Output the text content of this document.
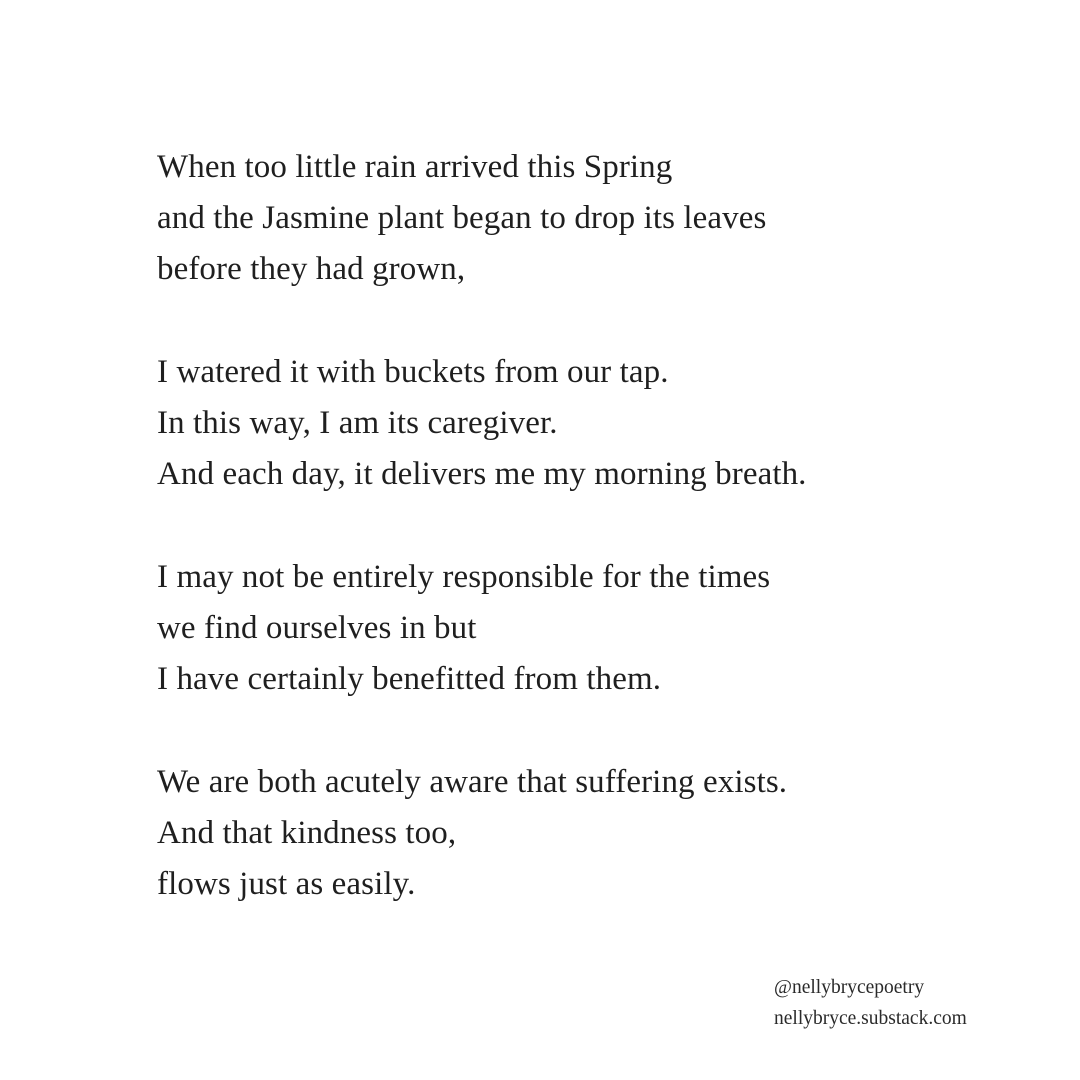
When too little rain arrived this Spring
and the Jasmine plant began to drop its leaves
before they had grown,
I watered it with buckets from our tap.
In this way, I am its caregiver.
And each day, it delivers me my morning breath.
I may not be entirely responsible for the times
we find ourselves in but
I have certainly benefitted from them.
We are both acutely aware that suffering exists.
And that kindness too,
flows just as easily.
@nellybrycepoetry
nellybryce.substack.com
